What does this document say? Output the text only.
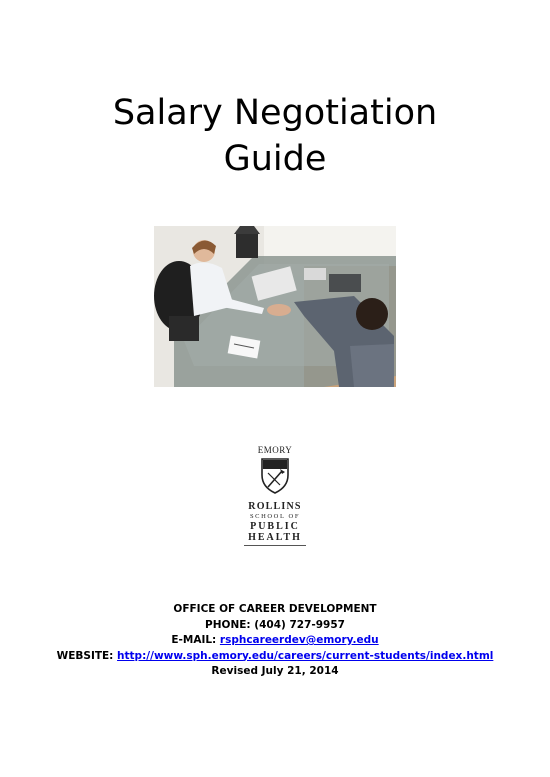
Salary Negotiation
Guide
EMORY
ROLLINS
SCHOOL OF
PUBLIC
HEALTH
OFFICE OF CAREER DEVELOPMENT
PHONE: (404) 727-9957
E-MAIL: rsphcareerdev@emory.edu
WEBSITE: http://www.sph.emory.edu/careers/current-students/index.html
Revised July 21, 2014
